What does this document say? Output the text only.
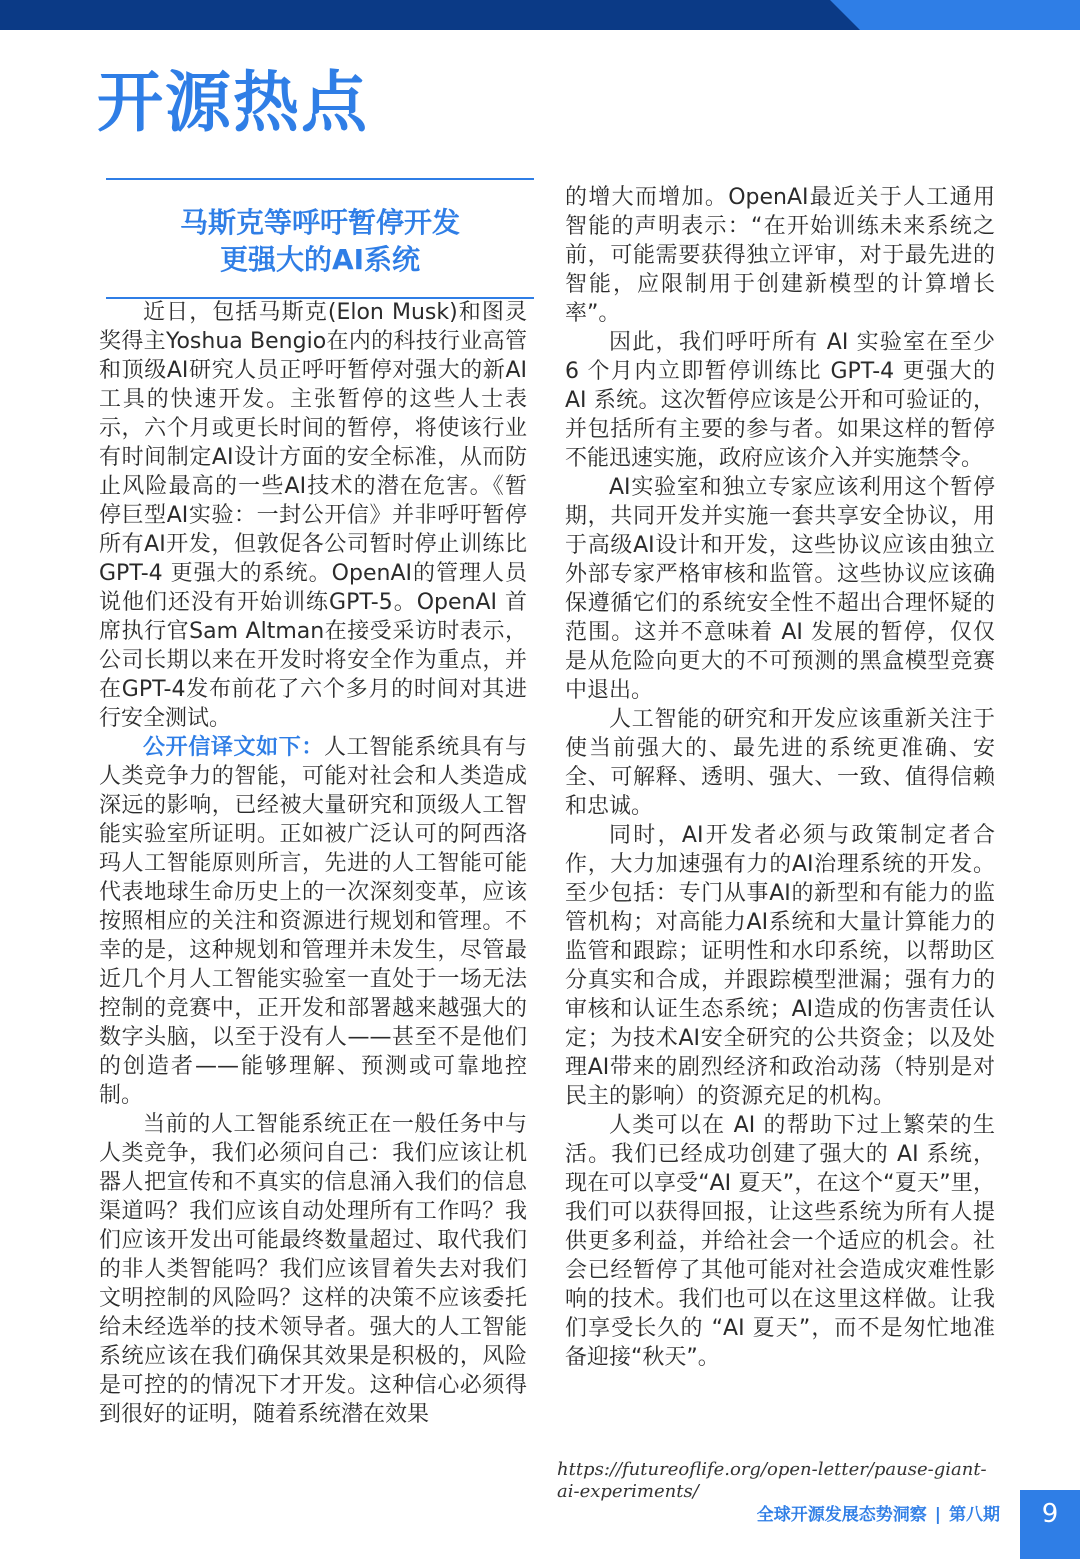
开源热点
马斯克等呼吁暂停开发
更强大的AI系统

近日，包括马斯克(Elon Musk)和图灵奖得主Yoshua Bengio在内的科技行业高管和顶级AI研究人员正呼吁暂停对强大的新AI工具的快速开发。主张暂停的这些人士表示，六个月或更长时间的暂停，将使该行业有时间制定AI设计方面的安全标准，从而防止风险最高的一些AI技术的潜在危害。《暂停巨型AI实验：一封公开信》并非呼吁暂停所有AI开发，但敦促各公司暂时停止训练比GPT-4 更强大的系统。OpenAI的管理人员说他们还没有开始训练GPT-5。OpenAI 首席执行官Sam Altman在接受采访时表示，公司长期以来在开发时将安全作为重点，并在GPT-4发布前花了六个多月的时间对其进行安全测试。

公开信译文如下：人工智能系统具有与人类竞争力的智能，可能对社会和人类造成深远的影响，已经被大量研究和顶级人工智能实验室所证明。正如被广泛认可的阿西洛玛人工智能原则所言，先进的人工智能可能代表地球生命历史上的一次深刻变革，应该按照相应的关注和资源进行规划和管理。不幸的是，这种规划和管理并未发生，尽管最近几个月人工智能实验室一直处于一场无法控制的竞赛中，正开发和部署越来越强大的数字头脑，以至于没有人——甚至不是他们的创造者——能够理解、预测或可靠地控制。

当前的人工智能系统正在一般任务中与人类竞争，我们必须问自己：我们应该让机器人把宣传和不真实的信息涌入我们的信息渠道吗？我们应该自动处理所有工作吗？我们应该开发出可能最终数量超过、取代我们的非人类智能吗？我们应该冒着失去对我们文明控制的风险吗？这样的决策不应该委托给未经选举的技术领导者。强大的人工智能系统应该在我们确保其效果是积极的，风险是可控的的情况下才开发。这种信心必须得到很好的证明，随着系统潜在效果

的增大而增加。OpenAI最近关于人工通用智能的声明表示：“在开始训练未来系统之前，可能需要获得独立评审，对于最先进的智能，应限制用于创建新模型的计算增长率”。

因此，我们呼吁所有 AI 实验室在至少 6 个月内立即暂停训练比 GPT-4 更强大的 AI 系统。这次暂停应该是公开和可验证的，并包括所有主要的参与者。如果这样的暂停不能迅速实施，政府应该介入并实施禁令。

AI实验室和独立专家应该利用这个暂停期，共同开发并实施一套共享安全协议，用于高级AI设计和开发，这些协议应该由独立外部专家严格审核和监管。这些协议应该确保遵循它们的系统安全性不超出合理怀疑的范围。这并不意味着 AI 发展的暂停，仅仅是从危险向更大的不可预测的黑盒模型竞赛中退出。

人工智能的研究和开发应该重新关注于使当前强大的、最先进的系统更准确、安全、可解释、透明、强大、一致、值得信赖和忠诚。

同时，AI开发者必须与政策制定者合作，大力加速强有力的AI治理系统的开发。至少包括：专门从事AI的新型和有能力的监管机构；对高能力AI系统和大量计算能力的监管和跟踪；证明性和水印系统，以帮助区分真实和合成，并跟踪模型泄漏；强有力的审核和认证生态系统；AI造成的伤害责任认定；为技术AI安全研究的公共资金；以及处理AI带来的剧烈经济和政治动荡（特别是对民主的影响）的资源充足的机构。

人类可以在 AI 的帮助下过上繁荣的生活。我们已经成功创建了强大的 AI 系统，现在可以享受“AI 夏天”，在这个“夏天”里，我们可以获得回报，让这些系统为所有人提供更多利益，并给社会一个适应的机会。社会已经暂停了其他可能对社会造成灾难性影响的技术。我们也可以在这里这样做。让我们享受长久的 “AI 夏天”，而不是匆忙地准备迎接“秋天”。

https://futureoflife.org/open-letter/pause-giant-ai-experiments/
全球开源发展态势洞察 | 第八期	9
